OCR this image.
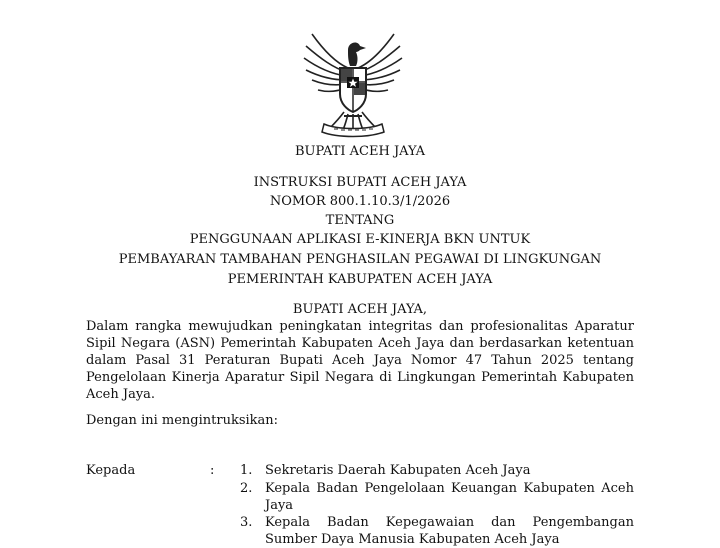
BUPATI ACEH JAYA
INSTRUKSI BUPATI ACEH JAYA
NOMOR 800.1.10.3/1/2026
TENTANG
PENGGUNAAN APLIKASI E-KINERJA BKN UNTUK
PEMBAYARAN TAMBAHAN PENGHASILAN PEGAWAI DI LINGKUNGAN
PEMERINTAH KABUPATEN ACEH JAYA
BUPATI ACEH JAYA,
Dalam rangka mewujudkan peningkatan integritas dan profesionalitas Aparatur Sipil Negara (ASN) Pemerintah Kabupaten Aceh Jaya dan berdasarkan ketentuan dalam Pasal 31 Peraturan Bupati Aceh Jaya Nomor 47 Tahun 2025 tentang Pengelolaan Kinerja Aparatur Sipil Negara di Lingkungan Pemerintah Kabupaten Aceh Jaya.
Dengan ini mengintruksikan:
Kepada	: 1. Sekretaris Daerah Kabupaten Aceh Jaya
2. Kepala Badan Pengelolaan Keuangan Kabupaten Aceh Jaya
3. Kepala Badan Kepegawaian dan Pengembangan Sumber Daya Manusia Kabupaten Aceh Jaya
